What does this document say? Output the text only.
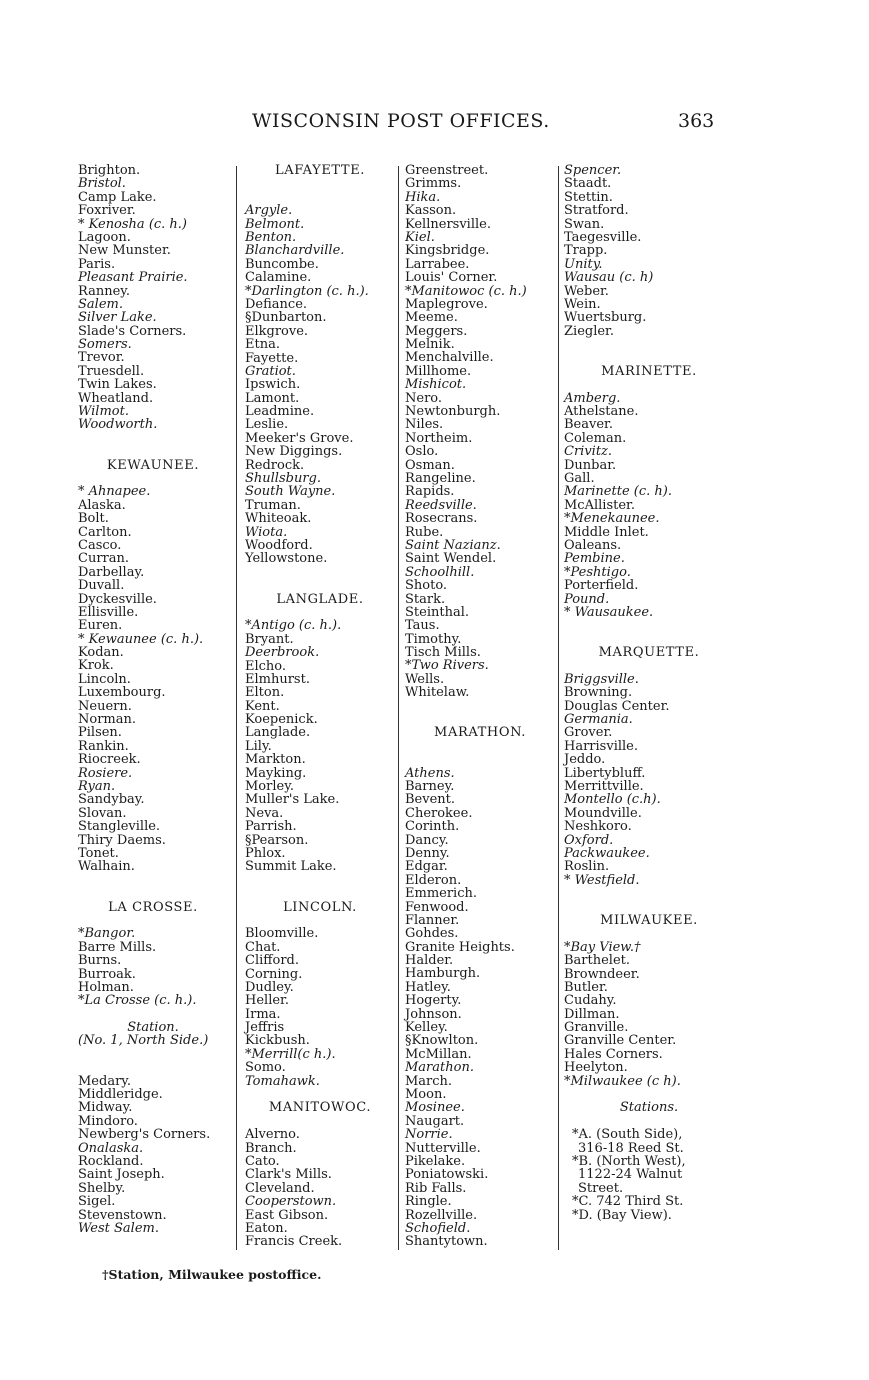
WISCONSIN POST OFFICES.	363
Brighton.
Bristol.
Camp Lake.
Foxriver.
* Kenosha (c. h.)
Lagoon.
New Munster.
Paris.
Pleasant Prairie.
Ranney.
Salem.
Silver Lake.
Slade's Corners.
Somers.
Trevor.
Truesdell.
Twin Lakes.
Wheatland.
Wilmot.
Woodworth.
KEWAUNEE.
* Ahnapee.
Alaska.
Bolt.
Carlton.
Casco.
Curran.
Darbellay.
Duvall.
Dyckesville.
Ellisville.
Euren.
* Kewaunee (c. h.).
Kodan.
Krok.
Lincoln.
Luxembourg.
Neuern.
Norman.
Pilsen.
Rankin.
Riocreek.
Rosiere.
Ryan.
Sandybay.
Slovan.
Stangleville.
Thiry Daems.
Tonet.
Walhain.
LA CROSSE.
*Bangor.
Barre Mills.
Burns.
Burroak.
Holman.
*La Crosse (c. h.).
Station.
(No. 1, North Side.)
Medary.
Middleridge.
Midway.
Mindoro.
Newberg's Corners.
Onalaska.
Rockland.
Saint Joseph.
Shelby.
Sigel.
Stevenstown.
West Salem.
LAFAYETTE.
Argyle.
Belmont.
Benton.
Blanchardville.
Buncombe.
Calamine.
*Darlington (c. h.).
Defiance.
§Dunbarton.
Elkgrove.
Etna.
Fayette.
Gratiot.
Ipswich.
Lamont.
Leadmine.
Leslie.
Meeker's Grove.
New Diggings.
Redrock.
Shullsburg.
South Wayne.
Truman.
Whiteoak.
Wiota.
Woodford.
Yellowstone.
LANGLADE.
*Antigo (c. h.).
Bryant.
Deerbrook.
Elcho.
Elmhurst.
Elton.
Kent.
Koepenick.
Langlade.
Lily.
Markton.
Mayking.
Morley.
Muller's Lake.
Neva.
Parrish.
§Pearson.
Phlox.
Summit Lake.
LINCOLN.
Bloomville.
Chat.
Clifford.
Corning.
Dudley.
Heller.
Irma.
Jeffris
Kickbush.
*Merrill(c h.).
Somo.
Tomahawk.
MANITOWOC.
Alverno.
Branch.
Cato.
Clark's Mills.
Cleveland.
Cooperstown.
East Gibson.
Eaton.
Francis Creek.
Greenstreet.
Grimms.
Hika.
Kasson.
Kellnersville.
Kiel.
Kingsbridge.
Larrabee.
Louis' Corner.
*Manitowoc (c. h.)
Maplegrove.
Meeme.
Meggers.
Melnik.
Menchalville.
Millhome.
Mishicot.
Nero.
Newtonburgh.
Niles.
Northeim.
Oslo.
Osman.
Rangeline.
Rapids.
Reedsville.
Rosecrans.
Rube.
Saint Nazianz.
Saint Wendel.
Schoolhill.
Shoto.
Stark.
Steinthal.
Taus.
Timothy.
Tisch Mills.
*Two Rivers.
Wells.
Whitelaw.
MARATHON.
Athens.
Barney.
Bevent.
Cherokee.
Corinth.
Dancy.
Denny.
Edgar.
Elderon.
Emmerich.
Fenwood.
Flanner.
Gohdes.
Granite Heights.
Halder.
Hamburgh.
Hatley.
Hogerty.
Johnson.
Kelley.
§Knowlton.
McMillan.
Marathon.
March.
Moon.
Mosinee.
Naugart.
Norrie.
Nutterville.
Pikelake.
Poniatowski.
Rib Falls.
Ringle.
Rozellville.
Schofield.
Shantytown.
Spencer.
Staadt.
Stettin.
Stratford.
Swan.
Taegesville.
Trapp.
Unity.
Wausau (c. h)
Weber.
Wein.
Wuertsburg.
Ziegler.
MARINETTE.
Amberg.
Athelstane.
Beaver.
Coleman.
Crivitz.
Dunbar.
Gall.
Marinette (c. h).
McAllister.
*Menekaunee.
Middle Inlet.
Oaleans.
Pembine.
*Peshtigo.
Porterfield.
Pound.
* Wausaukee.
MARQUETTE.
Briggsville.
Browning.
Douglas Center.
Germania.
Grover.
Harrisville.
Jeddo.
Libertybluff.
Merrittville.
Montello (c.h).
Moundville.
Neshkoro.
Oxford.
Packwaukee.
Roslin.
* Westfield.
MILWAUKEE.
*Bay View.†
Barthelet.
Browndeer.
Butler.
Cudahy.
Dillman.
Granville.
Granville Center.
Hales Corners.
Heelyton.
*Milwaukee (c h).
Stations.
*A. (South Side),
316-18 Reed St.
*B. (North West),
1122-24 Walnut
Street.
*C. 742 Third St.
*D. (Bay View).
†Station, Milwaukee postoffice.
